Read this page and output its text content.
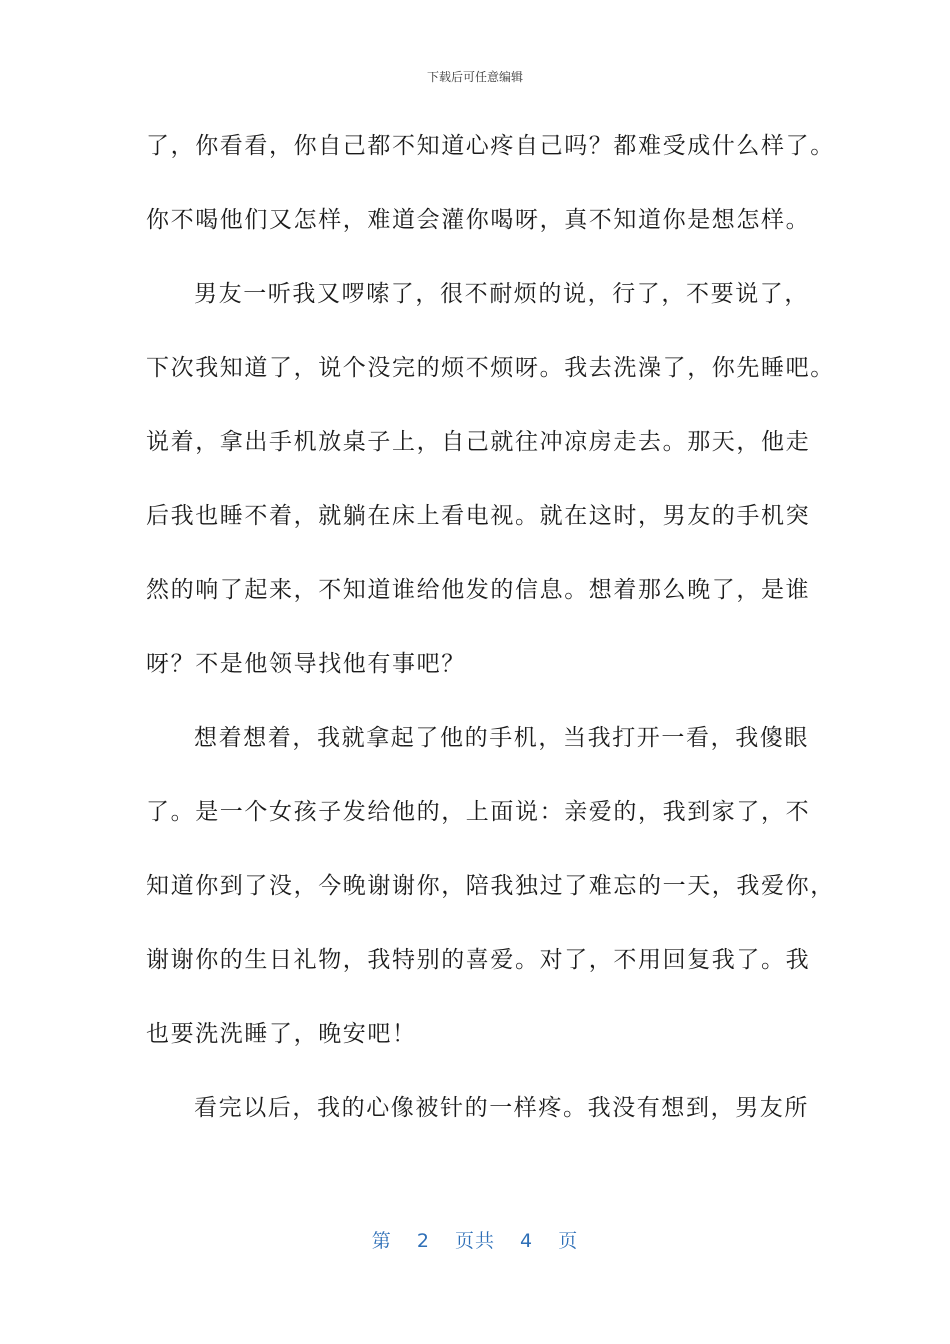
下载后可任意编辑
了，你看看，你自己都不知道心疼自己吗？都难受成什么样了。
你不喝他们又怎样，难道会灌你喝呀，真不知道你是想怎样。
男友一听我又啰嗦了，很不耐烦的说，行了，不要说了，
下次我知道了，说个没完的烦不烦呀。我去洗澡了，你先睡吧。
说着，拿出手机放桌子上，自己就往冲凉房走去。那天，他走
后我也睡不着，就躺在床上看电视。就在这时，男友的手机突
然的响了起来，不知道谁给他发的信息。想着那么晚了，是谁
呀？不是他领导找他有事吧？
想着想着，我就拿起了他的手机，当我打开一看，我傻眼
了。是一个女孩子发给他的，上面说：亲爱的，我到家了，不
知道你到了没，今晚谢谢你，陪我独过了难忘的一天，我爱你，
谢谢你的生日礼物，我特别的喜爱。对了，不用回复我了。我
也要洗洗睡了，晚安吧！
看完以后，我的心像被针的一样疼。我没有想到，男友所
第 2 页共 4 页
